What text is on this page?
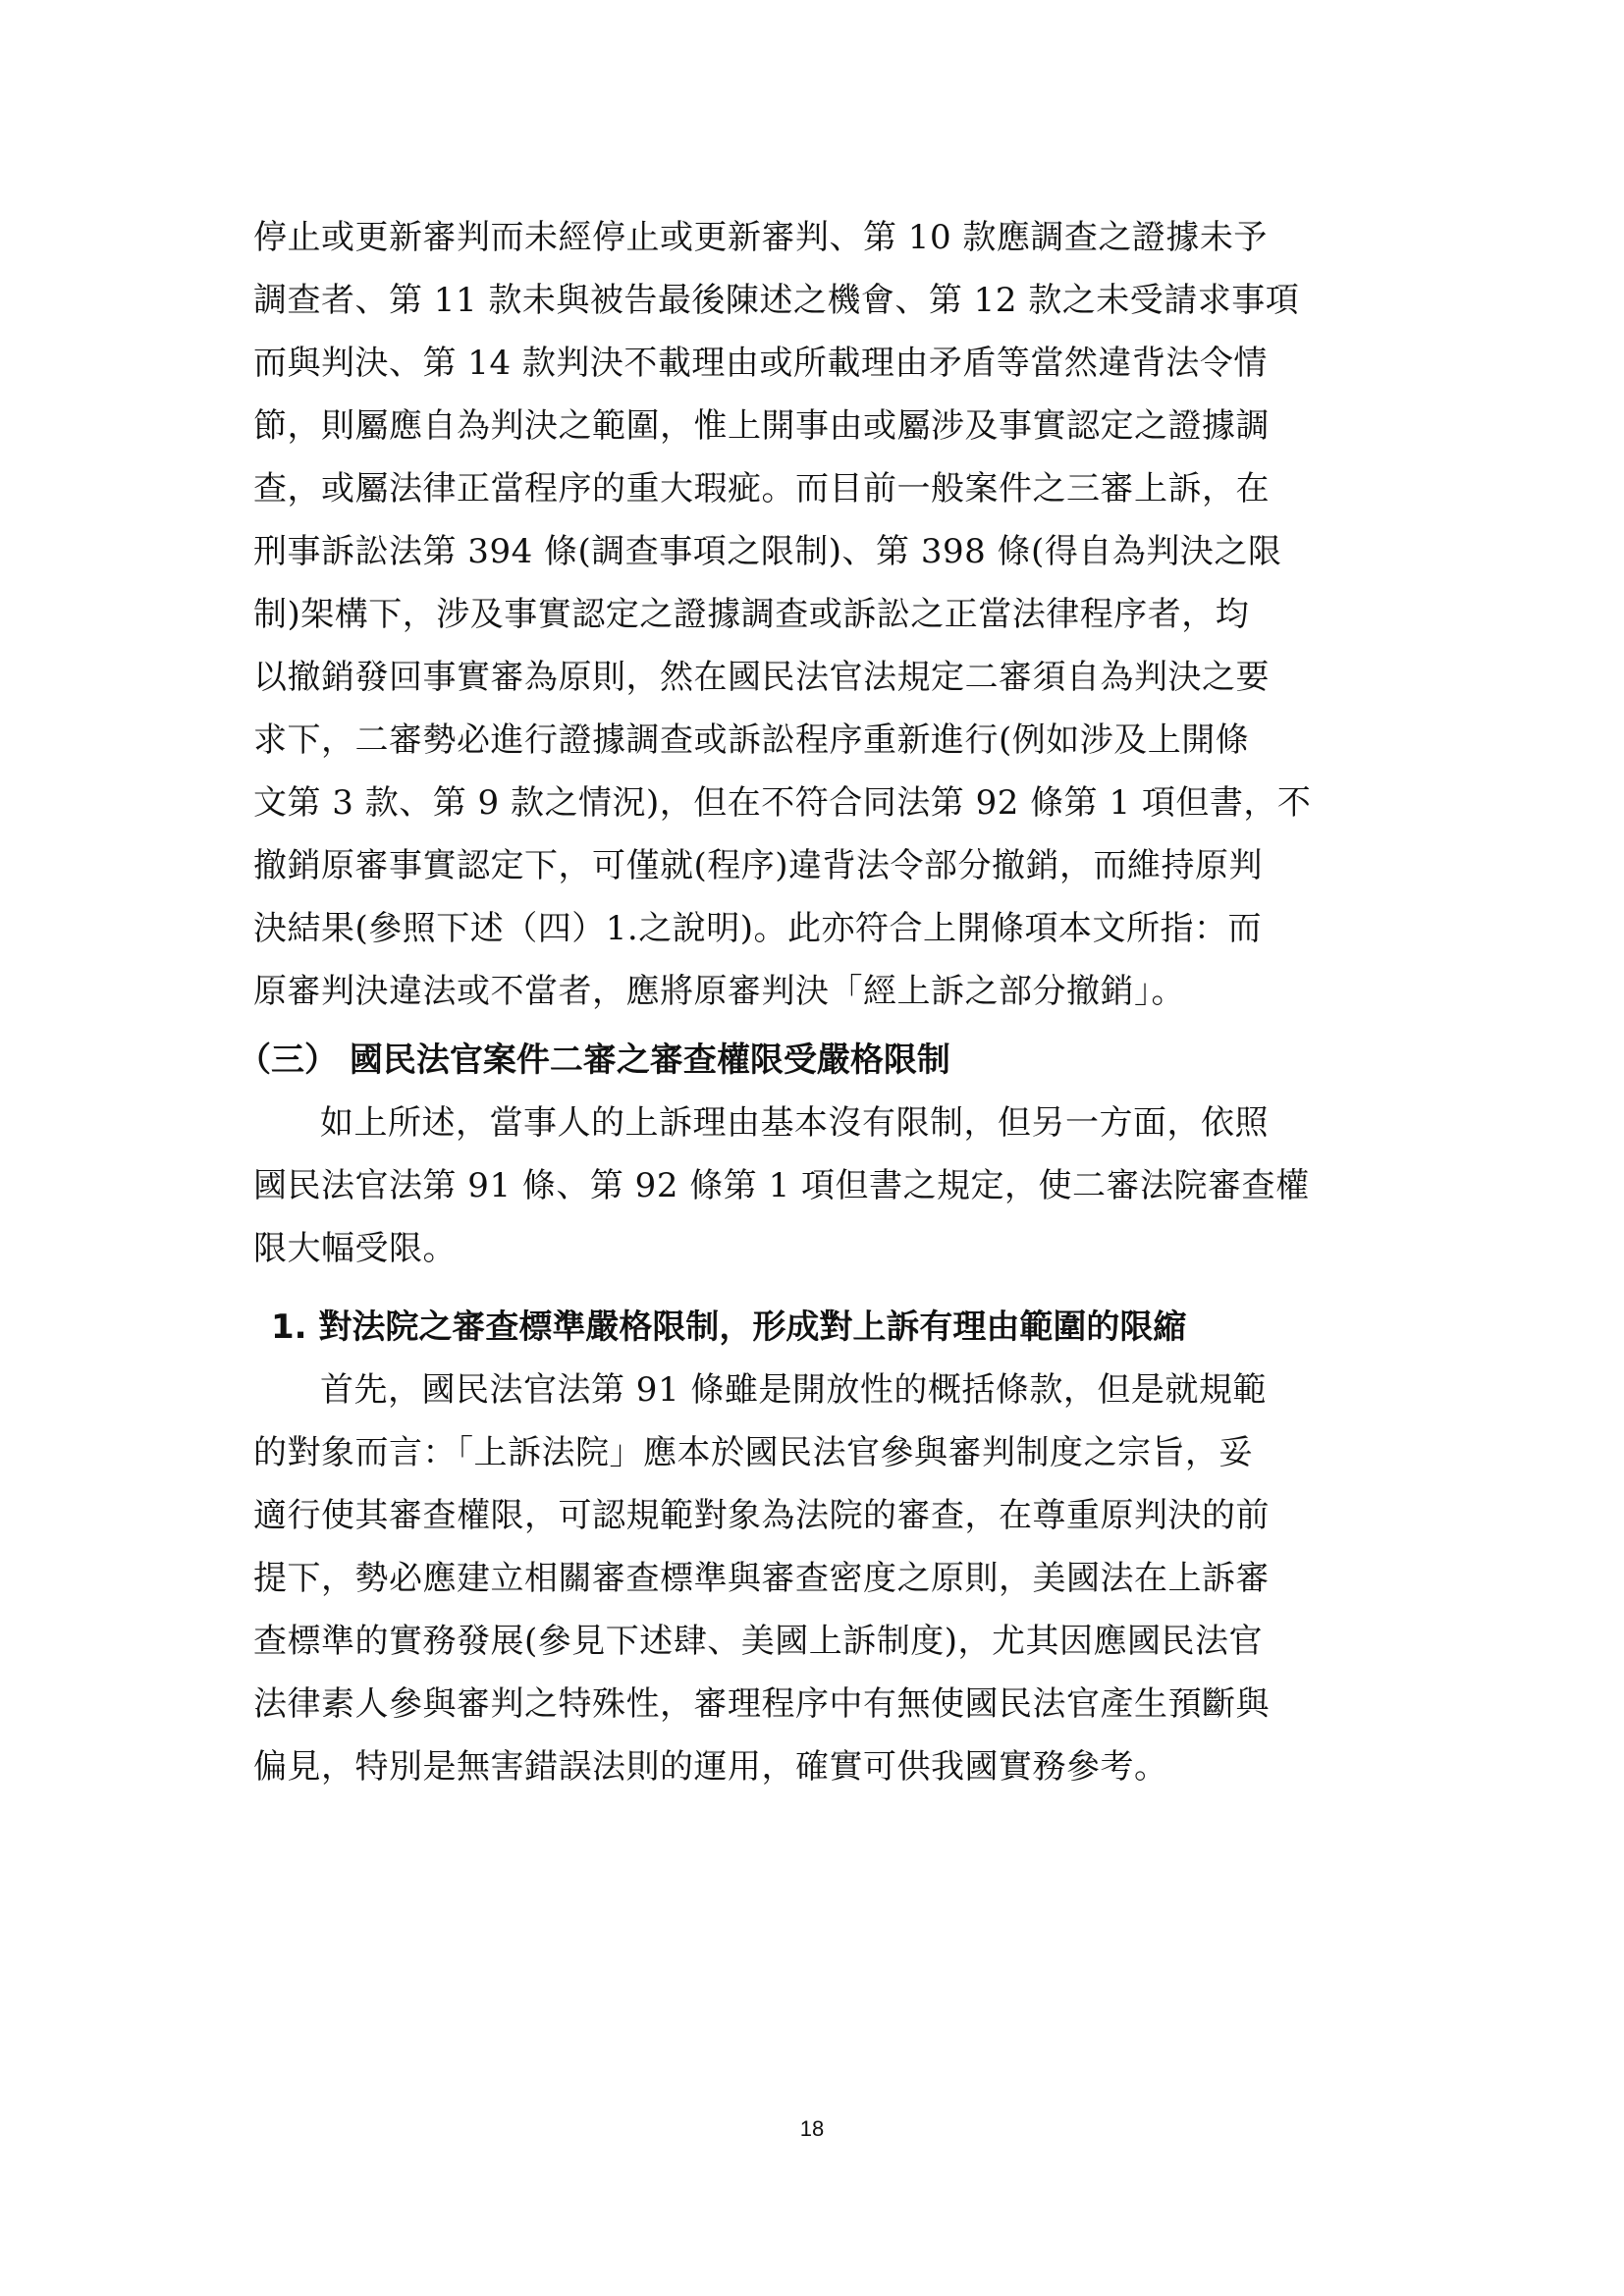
停止或更新審判而未經停止或更新審判、第 10 款應調查之證據未予
調查者、第 11 款未與被告最後陳述之機會、第 12 款之未受請求事項
而與判決、第 14 款判決不載理由或所載理由矛盾等當然違背法令情
節，則屬應自為判決之範圍，惟上開事由或屬涉及事實認定之證據調
查，或屬法律正當程序的重大瑕疵。而目前一般案件之三審上訴，在
刑事訴訟法第 394 條(調查事項之限制)、第 398 條(得自為判決之限
制)架構下，涉及事實認定之證據調查或訴訟之正當法律程序者，均
以撤銷發回事實審為原則，然在國民法官法規定二審須自為判決之要
求下，二審勢必進行證據調查或訴訟程序重新進行(例如涉及上開條
文第 3 款、第 9 款之情況)，但在不符合同法第 92 條第 1 項但書，不
撤銷原審事實認定下，可僅就(程序)違背法令部分撤銷，而維持原判
決結果(參照下述（四）1.之說明)。此亦符合上開條項本文所指：而
原審判決違法或不當者，應將原審判決「經上訴之部分撤銷」。
（三） 國民法官案件二審之審查權限受嚴格限制
如上所述，當事人的上訴理由基本沒有限制，但另一方面，依照
國民法官法第 91 條、第 92 條第 1 項但書之規定，使二審法院審查權
限大幅受限。
1. 對法院之審查標準嚴格限制，形成對上訴有理由範圍的限縮
首先，國民法官法第 91 條雖是開放性的概括條款，但是就規範
的對象而言：「上訴法院」應本於國民法官參與審判制度之宗旨，妥
適行使其審查權限，可認規範對象為法院的審查，在尊重原判決的前
提下，勢必應建立相關審查標準與審查密度之原則，美國法在上訴審
查標準的實務發展(參見下述肆、美國上訴制度)，尤其因應國民法官
法律素人參與審判之特殊性，審理程序中有無使國民法官產生預斷與
偏見，特別是無害錯誤法則的運用，確實可供我國實務參考。
18
